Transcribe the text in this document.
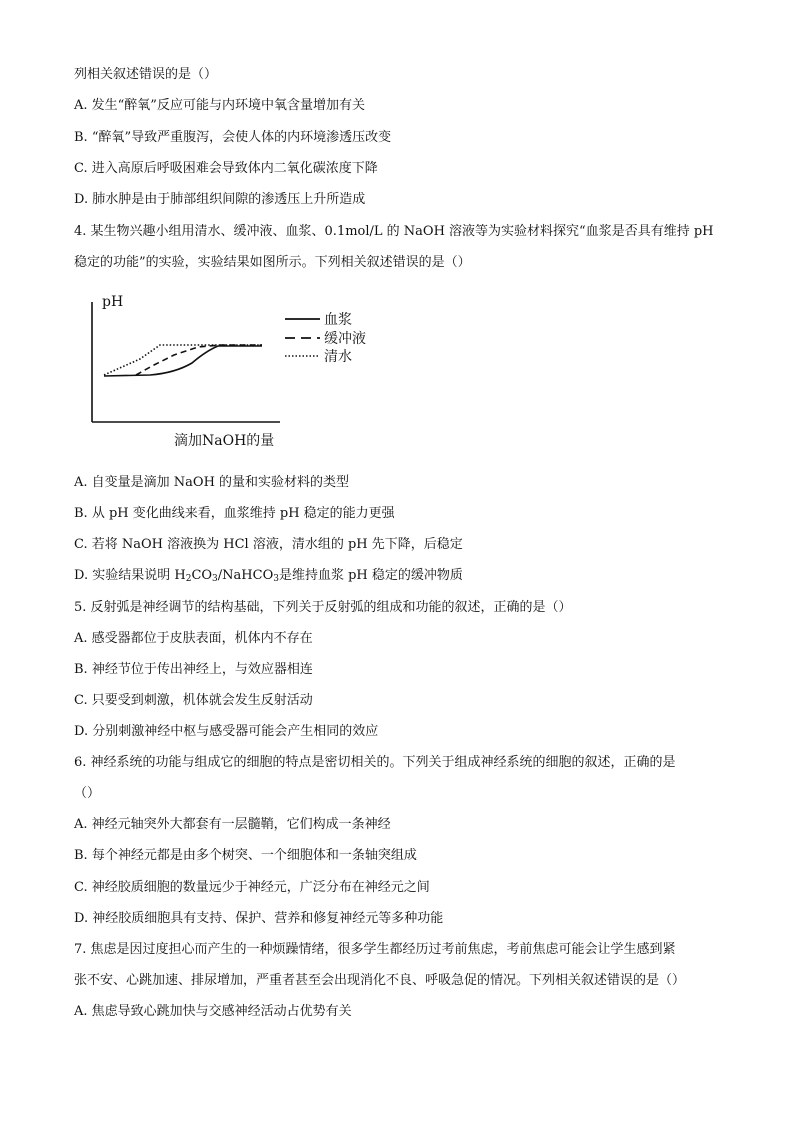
列相关叙述错误的是（）
A. 发生“醉氧”反应可能与内环境中氧含量增加有关
B. “醉氧”导致严重腹泻，会使人体的内环境渗透压改变
C. 进入高原后呼吸困难会导致体内二氧化碳浓度下降
D. 肺水肿是由于肺部组织间隙的渗透压上升所造成
4. 某生物兴趣小组用清水、缓冲液、血浆、0.1mol/L 的 NaOH 溶液等为实验材料探究“血浆是否具有维持 pH
稳定的功能”的实验，实验结果如图所示。下列相关叙述错误的是（）
pH
滴加NaOH的量
血浆
缓冲液
清水
A. 自变量是滴加 NaOH 的量和实验材料的类型
B. 从 pH 变化曲线来看，血浆维持 pH 稳定的能力更强
C. 若将 NaOH 溶液换为 HCl 溶液，清水组的 pH 先下降，后稳定
D. 实验结果说明 $H_2CO_3/NaHCO_3$是维持血浆 pH 稳定的缓冲物质
5. 反射弧是神经调节的结构基础，下列关于反射弧的组成和功能的叙述，正确的是（）
A. 感受器都位于皮肤表面，机体内不存在
B. 神经节位于传出神经上，与效应器相连
C. 只要受到刺激，机体就会发生反射活动
D. 分别刺激神经中枢与感受器可能会产生相同的效应
6. 神经系统的功能与组成它的细胞的特点是密切相关的。下列关于组成神经系统的细胞的叙述，正确的是
（）
A. 神经元轴突外大都套有一层髓鞘，它们构成一条神经
B. 每个神经元都是由多个树突、一个细胞体和一条轴突组成
C. 神经胶质细胞的数量远少于神经元，广泛分布在神经元之间
D. 神经胶质细胞具有支持、保护、营养和修复神经元等多种功能
7. 焦虑是因过度担心而产生的一种烦躁情绪，很多学生都经历过考前焦虑，考前焦虑可能会让学生感到紧
张不安、心跳加速、排尿增加，严重者甚至会出现消化不良、呼吸急促的情况。下列相关叙述错误的是（）
A. 焦虑导致心跳加快与交感神经活动占优势有关
